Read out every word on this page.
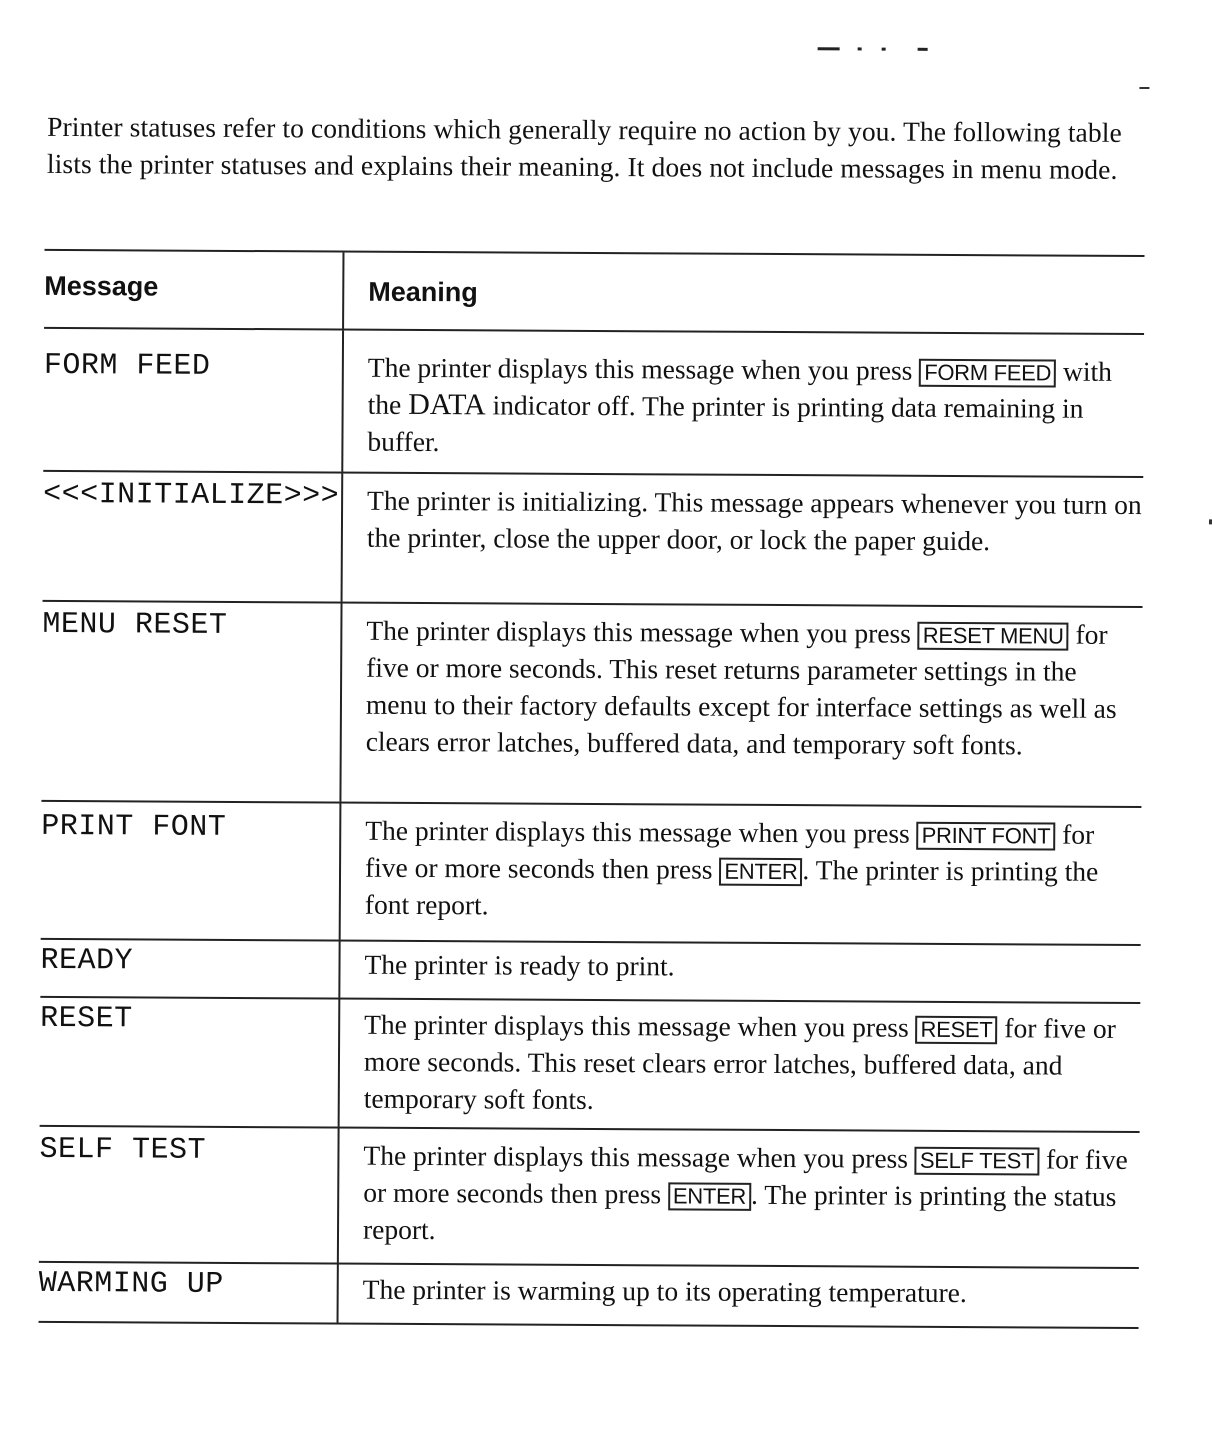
Printer statuses refer to conditions which generally require no action by you. The following table lists the printer statuses and explains their meaning. It does not include messages in menu mode.

Message	Meaning
FORM FEED	The printer displays this message when you press FORM FEED with the DATA indicator off. The printer is printing data remaining in buffer.
<<<INITIALIZE>>> The printer is initializing. This message appears whenever you turn on the printer, close the upper door, or lock the paper guide.
MENU RESET	The printer displays this message when you press RESET MENU for five or more seconds. This reset returns parameter settings in the menu to their factory defaults except for interface settings as well as clears error latches, buffered data, and temporary soft fonts.
PRINT FONT	The printer displays this message when you press PRINT FONT for five or more seconds then press ENTER . The printer is printing the font report.
READY	The printer is ready to print.
RESET	The printer displays this message when you press RESET for five or more seconds. This reset clears error latches, buffered data, and temporary soft fonts.
SELF TEST	The printer displays this message when you press SELF TEST for five or more seconds then press ENTER . The printer is printing the status report.
WARMING UP	The printer is warming up to its operating temperature.
